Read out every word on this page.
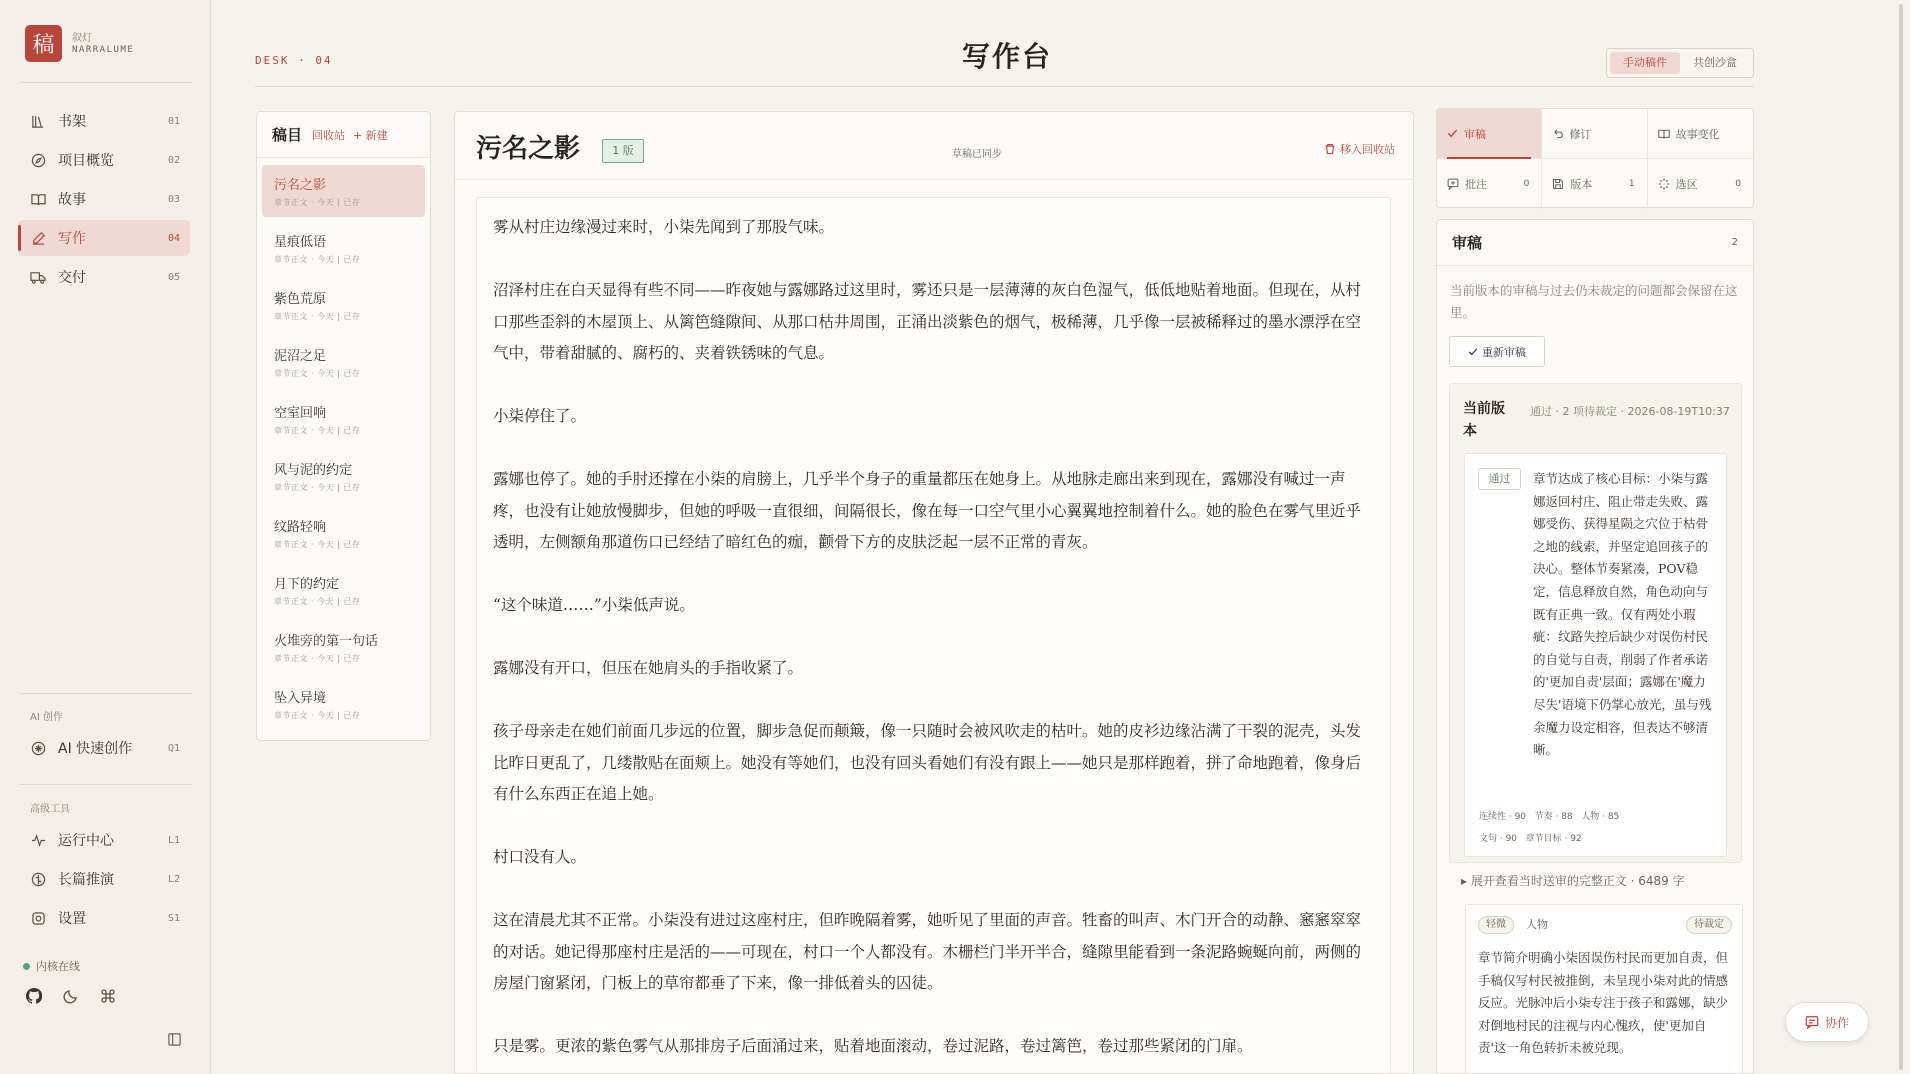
稿	叙灯
NARRALUME
书架	01
项目概览	02
故事	03
写作	04
交付	05
AI 创作
AI 快速创作	Q1
高级工具
运行中心	L1
长篇推演	L2
设置	S1
内核在线
DESK · 04	写作台	手动稿件	共创沙盒
稿目 回收站 + 新建
污名之影
章节正文 · 今天 | 已存
星痕低语
章节正文 · 今天 | 已存
紫色荒原
章节正文 · 今天 | 已存
泥沼之足
章节正文 · 今天 | 已存
空室回响
章节正文 · 今天 | 已存
风与泥的约定
章节正文 · 今天 | 已存
纹路轻响
章节正文 · 今天 | 已存
月下的约定
章节正文 · 今天 | 已存
火堆旁的第一句话
章节正文 · 今天 | 已存
坠入异境
章节正文 · 今天 | 已存
污名之影	1 版	草稿已同步	移入回收站

雾从村庄边缘漫过来时，小柒先闻到了那股气味。

沼泽村庄在白天显得有些不同——昨夜她与露娜路过这里时，雾还只是一层薄薄的灰白色湿气，低低地贴着地面。但现在，从村口那些歪斜的木屋顶上、从篱笆缝隙间、从那口枯井周围，正涌出淡紫色的烟气，极稀薄，几乎像一层被稀释过的墨水漂浮在空气中，带着甜腻的、腐朽的、夹着铁锈味的气息。

小柒停住了。

露娜也停了。她的手肘还撑在小柒的肩膀上，几乎半个身子的重量都压在她身上。从地脉走廊出来到现在，露娜没有喊过一声疼，也没有让她放慢脚步，但她的呼吸一直很细，间隔很长，像在每一口空气里小心翼翼地控制着什么。她的脸色在雾气里近乎透明，左侧额角那道伤口已经结了暗红色的痂，颧骨下方的皮肤泛起一层不正常的青灰。

“这个味道……”小柒低声说。

露娜没有开口，但压在她肩头的手指收紧了。

孩子母亲走在她们前面几步远的位置，脚步急促而颠簸，像一只随时会被风吹走的枯叶。她的皮衫边缘沾满了干裂的泥壳，头发比昨日更乱了，几缕散贴在面颊上。她没有等她们，也没有回头看她们有没有跟上——她只是那样跑着，拼了命地跑着，像身后有什么东西正在追上她。

村口没有人。

这在清晨尤其不正常。小柒没有进过这座村庄，但昨晚隔着雾，她听见了里面的声音。牲畜的叫声、木门开合的动静、窸窸窣窣的对话。她记得那座村庄是活的——可现在，村口一个人都没有。木栅栏门半开半合，缝隙里能看到一条泥路蜿蜒向前，两侧的房屋门窗紧闭，门板上的草帘都垂了下来，像一排低着头的囚徒。

只是雾。更浓的紫色雾气从那排房子后面涌过来，贴着地面滚动，卷过泥路，卷过篱笆，卷过那些紧闭的门扉。

审稿	修订	故事变化
批注	0	版本	1	选区	0
审稿	2
当前版本的审稿与过去仍未裁定的问题都会保留在这里。
重新审稿
当前版本
通过 · 2 项待裁定 · 2026-08-19T10:37
通过	章节达成了核心目标：小柒与露娜返回村庄、阻止带走失败、露娜受伤、获得星陨之穴位于枯骨之地的线索，并坚定追回孩子的决心。整体节奏紧凑，POV稳定，信息释放自然，角色动向与既有正典一致。仅有两处小瑕疵：纹路失控后缺少对误伤村民的自觉与自责，削弱了作者承诺的'更加自责'层面；露娜在'魔力尽失'语境下仍掌心放光，虽与残余魔力设定相容，但表达不够清晰。
连续性 · 90   节奏 · 88   人物 · 85
文句 · 90   章节目标 · 92
▸ 展开查看当时送审的完整正文 · 6489 字
轻微	人物	待裁定
章节简介明确小柒因误伤村民而更加自责，但手稿仅写村民被推倒，未呈现小柒对此的情感反应。光脉冲后小柒专注于孩子和露娜，缺少对倒地村民的注视与内心愧疚，使'更加自责'这一角色转折未被兑现。
协作
